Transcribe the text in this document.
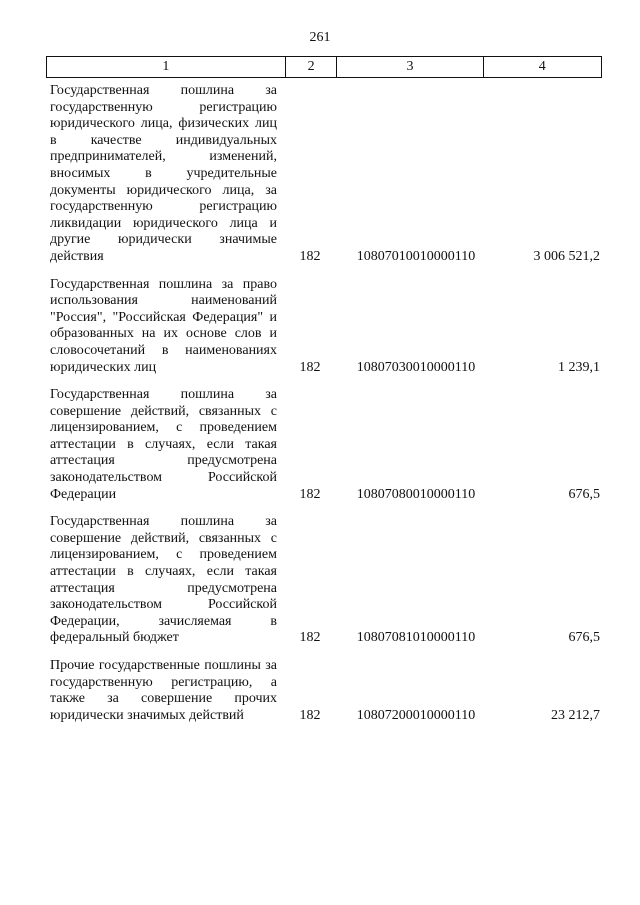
261
1	2	3	4
Государственная пошлина за государственную регистрацию юридического лица, физических лиц в качестве индивидуальных предпринимателей, изменений, вносимых в учредительные документы юридического лица, за государственную регистрацию ликвидации юридического лица и другие юридически значимые действия	182	10807010010000110	3 006 521,2
Государственная пошлина за право использования наименований "Россия", "Российская Федерация" и образованных на их основе слов и словосочетаний в наименованиях юридических лиц	182	10807030010000110	1 239,1
Государственная пошлина за совершение действий, связанных с лицензированием, с проведением аттестации в случаях, если такая аттестация предусмотрена законодательством Российской Федерации	182	10807080010000110	676,5
Государственная пошлина за совершение действий, связанных с лицензированием, с проведением аттестации в случаях, если такая аттестация предусмотрена законодательством Российской Федерации, зачисляемая в федеральный бюджет	182	10807081010000110	676,5
Прочие государственные пошлины за государственную регистрацию, а также за совершение прочих юридически значимых действий	182	10807200010000110	23 212,7
